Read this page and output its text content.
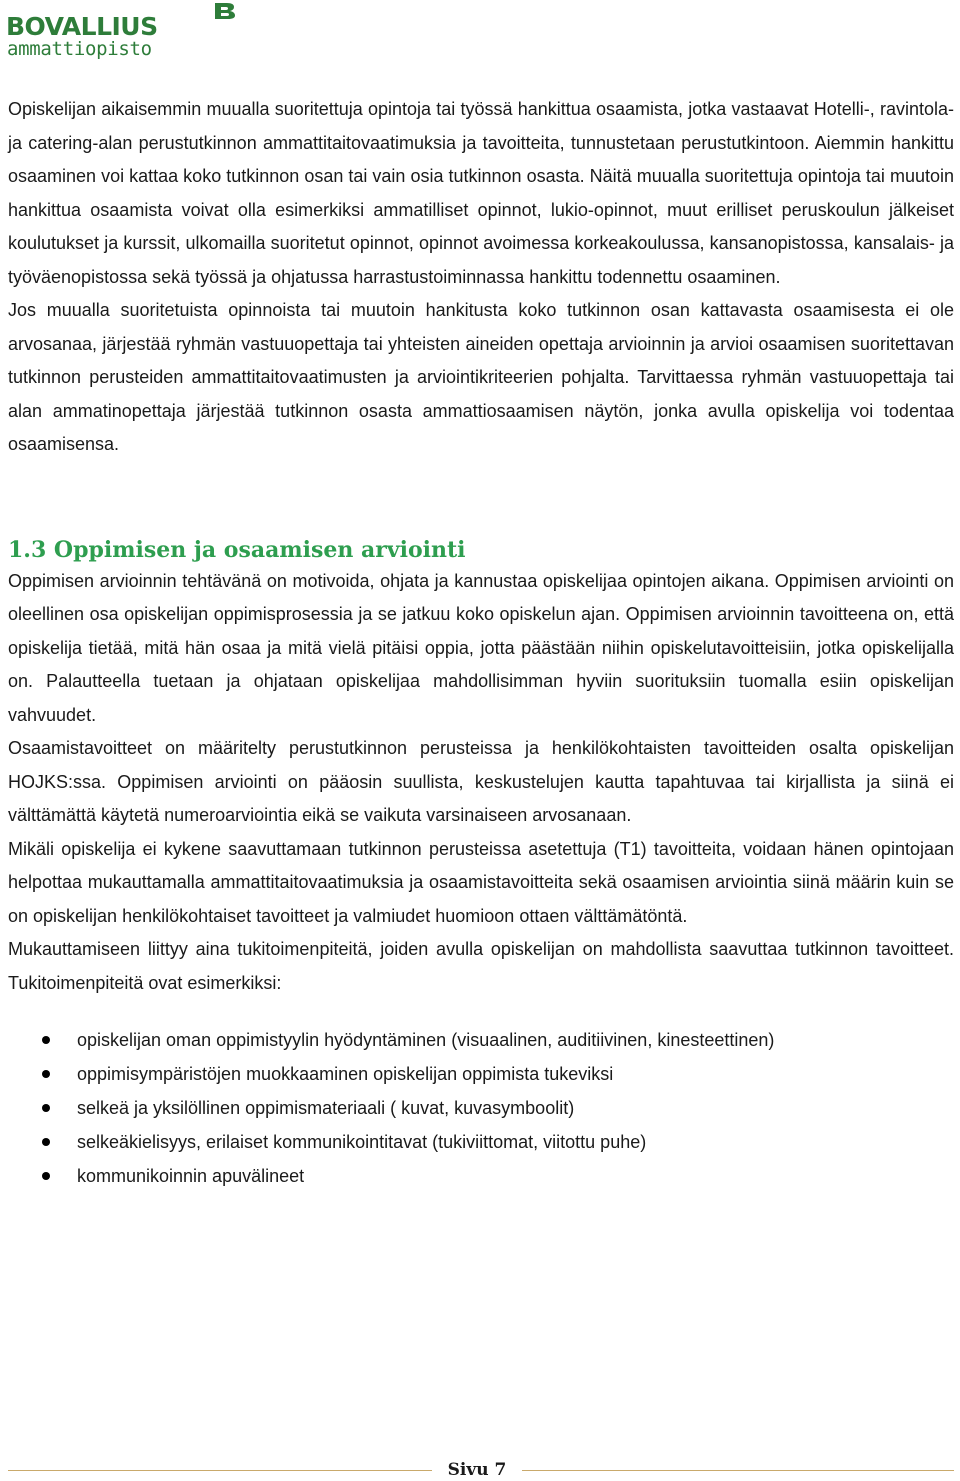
BOVALLIUS
ammattiopisto

Opiskelijan aikaisemmin muualla suoritettuja opintoja tai työssä hankittua osaamista, jotka vastaavat Hotelli-, ravintola- ja catering-alan perustutkinnon ammattitaitovaatimuksia ja tavoitteita, tunnustetaan perustutkintoon. Aiemmin hankittu osaaminen voi kattaa koko tutkinnon osan tai vain osia tutkinnon osasta. Näitä muualla suoritettuja opintoja tai muutoin hankittua osaamista voivat olla esimerkiksi ammatilliset opinnot, lukio-opinnot, muut erilliset peruskoulun jälkeiset koulutukset ja kurssit, ulkomailla suoritetut opinnot, opinnot avoimessa korkeakoulussa, kansanopistossa, kansalais- ja työväenopistossa sekä työssä ja ohjatussa harrastustoiminnassa hankittu todennettu osaaminen.

Jos muualla suoritetuista opinnoista tai muutoin hankitusta koko tutkinnon osan kattavasta osaamisesta ei ole arvosanaa, järjestää ryhmän vastuuopettaja tai yhteisten aineiden opettaja arvioinnin ja arvioi osaamisen suoritettavan tutkinnon perusteiden ammattitaitovaatimusten ja arviointikriteerien pohjalta. Tarvittaessa ryhmän vastuuopettaja tai alan ammatinopettaja järjestää tutkinnon osasta ammattiosaamisen näytön, jonka avulla opiskelija voi todentaa osaamisensa.

1.3 Oppimisen ja osaamisen arviointi

Oppimisen arvioinnin tehtävänä on motivoida, ohjata ja kannustaa opiskelijaa opintojen aikana. Oppimisen arviointi on oleellinen osa opiskelijan oppimisprosessia ja se jatkuu koko opiskelun ajan. Oppimisen arvioinnin tavoitteena on, että opiskelija tietää, mitä hän osaa ja mitä vielä pitäisi oppia, jotta päästään niihin opiskelutavoitteisiin, jotka opiskelijalla on. Palautteella tuetaan ja ohjataan opiskelijaa mahdollisimman hyviin suorituksiin tuomalla esiin opiskelijan vahvuudet.

Osaamistavoitteet on määritelty perustutkinnon perusteissa ja henkilökohtaisten tavoitteiden osalta opiskelijan HOJKS:ssa. Oppimisen arviointi on pääosin suullista, keskustelujen kautta tapahtuvaa tai kirjallista ja siinä ei välttämättä käytetä numeroarviointia eikä se vaikuta varsinaiseen arvosanaan.

Mikäli opiskelija ei kykene saavuttamaan tutkinnon perusteissa asetettuja (T1) tavoitteita, voidaan hänen opintojaan helpottaa mukauttamalla ammattitaitovaatimuksia ja osaamistavoitteita sekä osaamisen arviointia siinä määrin kuin se on opiskelijan henkilökohtaiset tavoitteet ja valmiudet huomioon ottaen välttämätöntä.

Mukauttamiseen liittyy aina tukitoimenpiteitä, joiden avulla opiskelijan on mahdollista saavuttaa tutkinnon tavoitteet. Tukitoimenpiteitä ovat esimerkiksi:

opiskelijan oman oppimistyylin hyödyntäminen (visuaalinen, auditiivinen, kinesteettinen)
oppimisympäristöjen muokkaaminen opiskelijan oppimista tukeviksi
selkeä ja yksilöllinen oppimismateriaali ( kuvat, kuvasymboolit)
selkeäkielisyys, erilaiset kommunikointitavat (tukiviittomat, viitottu puhe)
kommunikoinnin apuvälineet
Sivu 7
